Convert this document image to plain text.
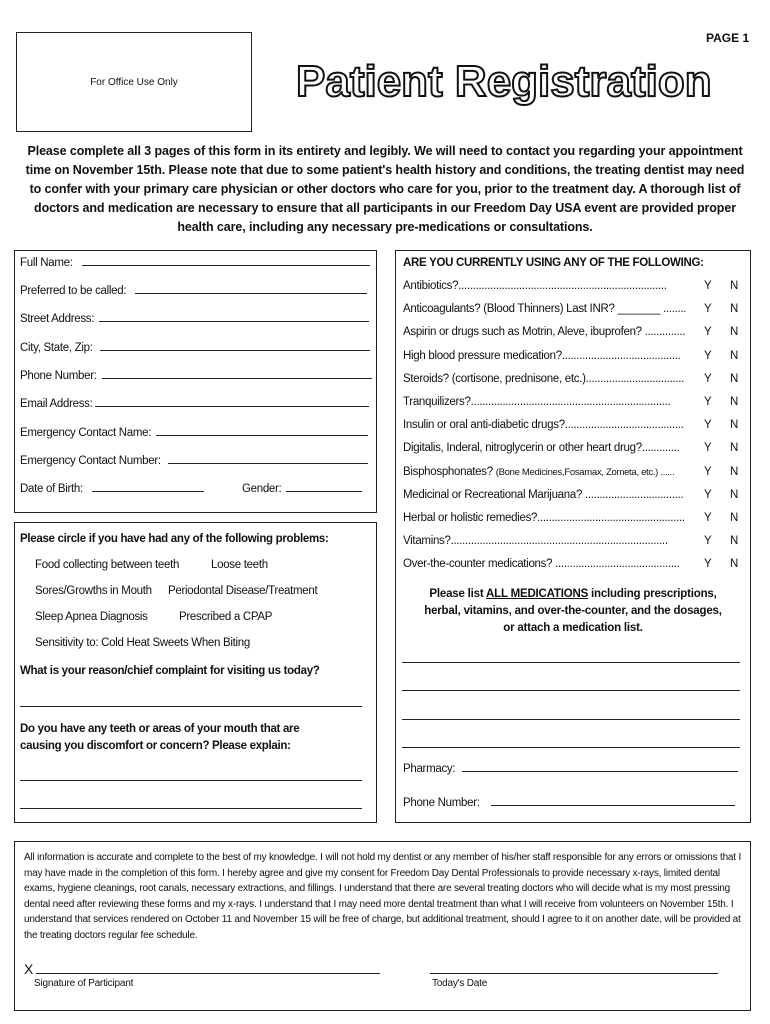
PAGE 1
For Office Use Only	Patient Registration
Please complete all 3 pages of this form in its entirety and legibly. We will need to contact you regarding your appointment time on November 15th. Please note that due to some patient's health history and conditions, the treating dentist may need to confer with your primary care physician or other doctors who care for you, prior to the treatment day. A thorough list of doctors and medication are necessary to ensure that all participants in our Freedom Day USA event are provided proper health care, including any necessary pre-medications or consultations.
Full Name:
Preferred to be called:
Street Address:
City, State, Zip:
Phone Number:
Email Address:
Emergency Contact Name:
Emergency Contact Number:
Date of Birth:	Gender:
Please circle if you have had any of the following problems:
Food collecting between teeth	Loose teeth
Sores/Growths in Mouth Periodontal Disease/Treatment
Sleep Apnea Diagnosis	Prescribed a CPAP
Sensitivity to: Cold Heat Sweets When Biting
What is your reason/chief complaint for visiting us today?
Do you have any teeth or areas of your mouth that are
causing you discomfort or concern? Please explain:
ARE YOU CURRENTLY USING ANY OF THE FOLLOWING:
Antibiotics?........................................................................	Y N
Anticoagulants? (Blood Thinners) Last INR? _______ ........	Y N
Aspirin or drugs such as Motrin, Aleve, ibuprofen? ..............	Y N
High blood pressure medication?.........................................	Y N
Steroids? (cortisone, prednisone, etc.)..................................	Y N
Tranquilizers?.....................................................................	Y N
Insulin or oral anti-diabetic drugs?.........................................	Y N
Digitalis, Inderal, nitroglycerin or other heart drug?.............	Y N
Bisphosphonates? (Bone Medicines,Fosamax, Zometa, etc.) ......	Y N
Medicinal or Recreational Marijuana? ..................................	Y N
Herbal or holistic remedies?...................................................	Y N
Vitamins?...........................................................................	Y N
Over-the-counter medications? ...........................................	Y N
Please list ALL MEDICATIONS including prescriptions,
herbal, vitamins, and over-the-counter, and the dosages,
or attach a medication list.
Pharmacy:
Phone Number:
All information is accurate and complete to the best of my knowledge. I will not hold my dentist or any member of his/her staff responsible for any errors or omissions that I may have made in the completion of this form. I hereby agree and give my consent for Freedom Day Dental Professionals to provide necessary x-rays, limited dental exams, hygiene cleanings, root canals, necessary extractions, and fillings. I understand that there are several treating doctors who will decide what is my most pressing dental need after reviewing these forms and my x-rays. I understand that I may need more dental treatment than what I will receive from volunteers on November 15th. I understand that services rendered on October 11 and November 15 will be free of charge, but additional treatment, should I agree to it on another date, will be provided at the treating doctors regular fee schedule.
X
Signature of Participant	Today's Date
